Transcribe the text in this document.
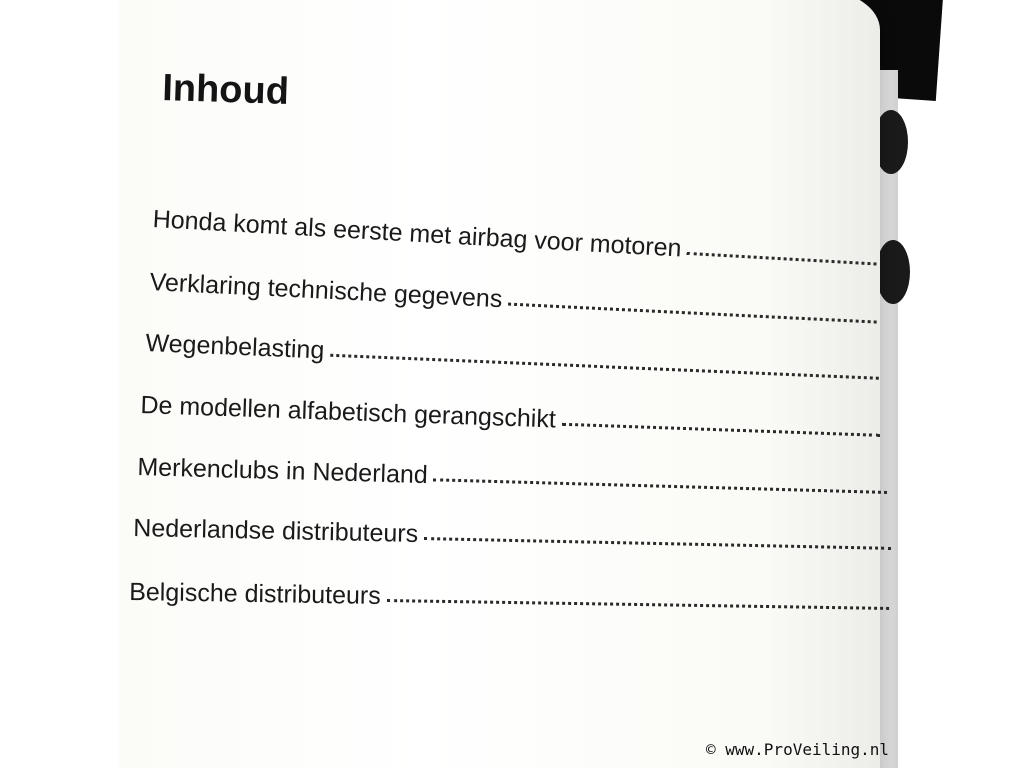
Inhoud
Honda komt als eerste met airbag voor motoren
Verklaring technische gegevens
Wegenbelasting
De modellen alfabetisch gerangschikt
Merkenclubs in Nederland
Nederlandse distributeurs
Belgische distributeurs
© www.ProVeiling.nl
